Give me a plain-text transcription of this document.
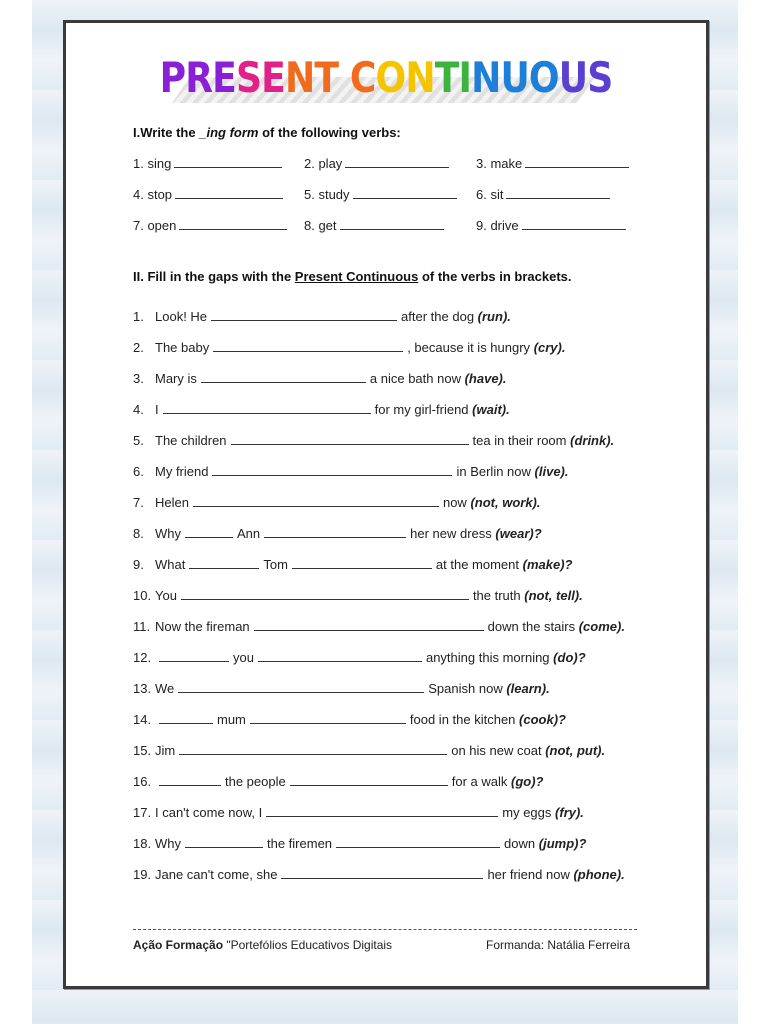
PRESENT CONTINUOUS
I.Write the _ing form of the following verbs:
1. sing	2. play	3. make
4. stop	5. study	6. sit
7. open	8. get	9. drive
II. Fill in the gaps with the Present Continuous of the verbs in brackets.
1. Look! He	after the dog (run).
2. The baby	, because it is hungry (cry).
3. Mary is	a nice bath now (have).
4. I	for my girl-friend (wait).
5. The children	tea in their room (drink).
6. My friend	in Berlin now (live).
7. Helen	now (not, work).
8. Why	Ann	her new dress (wear)?
9. What	Tom	at the moment (make)?
10. You	the truth (not, tell).
11. Now the fireman	down the stairs (come).
12.	you	anything this morning (do)?
13. We	Spanish now (learn).
14.	mum	food in the kitchen (cook)?
15. Jim	on his new coat (not, put).
16.	the people	for a walk (go)?
17. I can't come now, I	my eggs (fry).
18. Why	the firemen	down (jump)?
19. Jane can't come, she	her friend now (phone).
Ação Formação "Portefólios Educativos Digitais	Formanda: Natália Ferreira
